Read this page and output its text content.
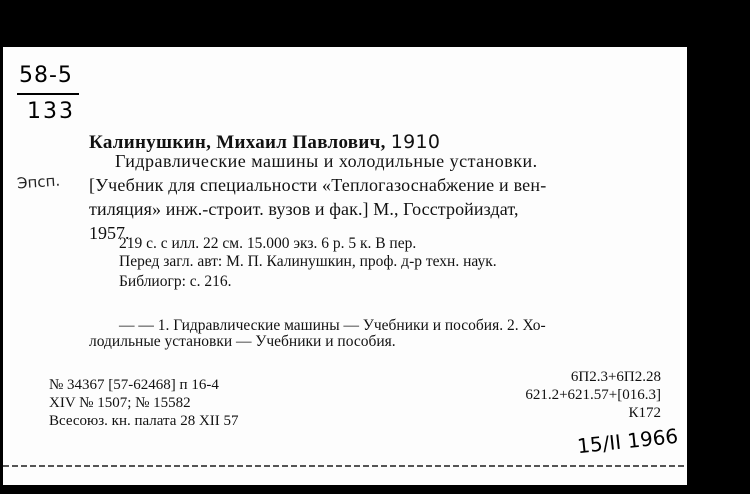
58-5
133
Эпсп.
Калинушкин, Михаил Павлович, 1910
Гидравлические машины и холодильные установки.
[Учебник для специальности «Теплогазоснабжение и вен-
тиляция» инж.-строит. вузов и фак.] М., Госстройиздат,
1957.
219 с. с илл. 22 см. 15.000 экз. 6 р. 5 к. В пер.
Перед загл. авт: М. П. Калинушкин, проф. д-р техн. наук.
Библиогр: с. 216.
— — 1. Гидравлические машины — Учебники и пособия. 2. Хо-
лодильные установки — Учебники и пособия.
№ 34367 [57-62468] п 16-4
XIV № 1507; № 15582
Всесоюз. кн. палата 28 XII 57
6П2.3+6П2.28
621.2+621.57+[016.3]
К172
15/II 1966
